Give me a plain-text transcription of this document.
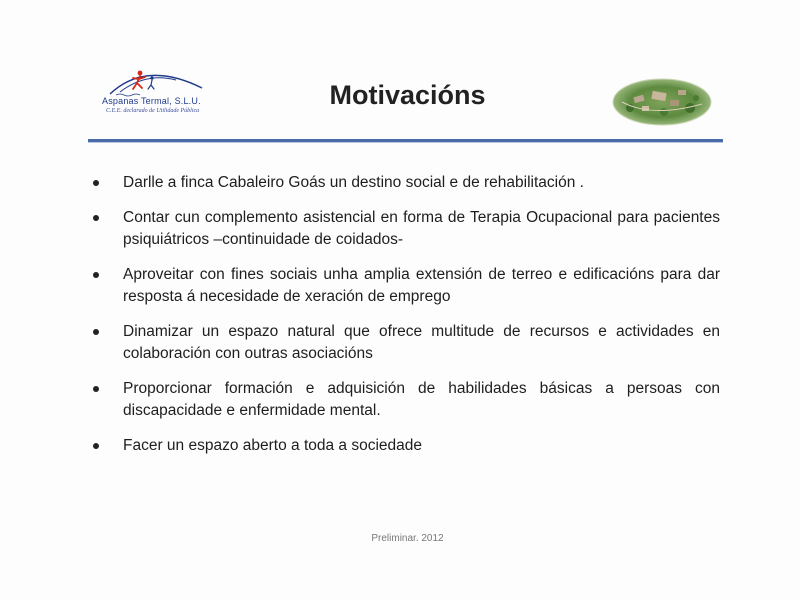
Aspanas Termal, S.L.U.
C.E.E. declarado de Utilidade Pública
Motivacións
Darlle a finca Cabaleiro Goás un destino social e de rehabilitación .
Contar cun complemento asistencial en forma de Terapia Ocupacional para pacientes psiquiátricos –continuidade de coidados-
Aproveitar con fines sociais unha amplia extensión de terreo e edificacións para dar resposta á necesidade de xeración de emprego
Dinamizar un espazo natural que ofrece multitude de recursos e actividades en colaboración con outras asociacións
Proporcionar formación e adquisición de habilidades básicas a persoas con discapacidade e enfermidade mental.
Facer un espazo aberto a toda a sociedade
Preliminar. 2012
